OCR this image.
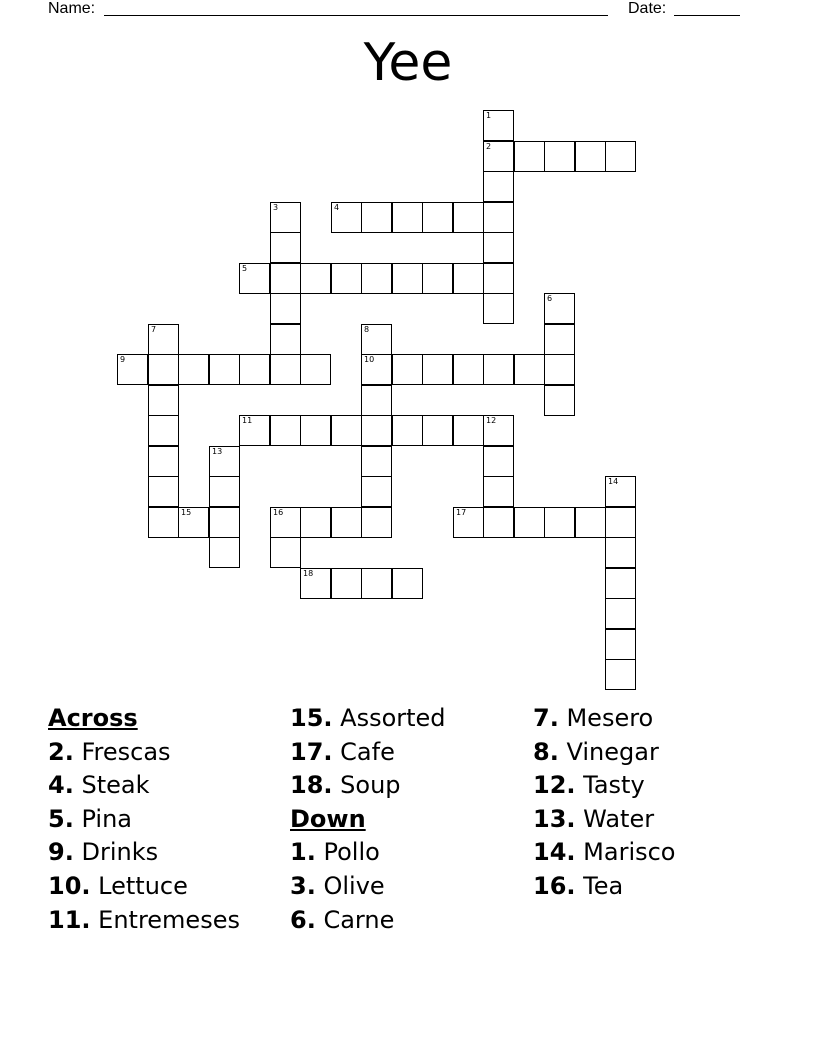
Name:	Date:
Yee
2
4
5
9	10
11	12
15	16	17
18
1
3
6
7	8
13
14
Across
2. Frescas
4. Steak
5. Pina
9. Drinks
10. Lettuce
11. Entremeses
15. Assorted
17. Cafe
18. Soup
Down
1. Pollo
3. Olive
6. Carne
7. Mesero
8. Vinegar
12. Tasty
13. Water
14. Marisco
16. Tea
